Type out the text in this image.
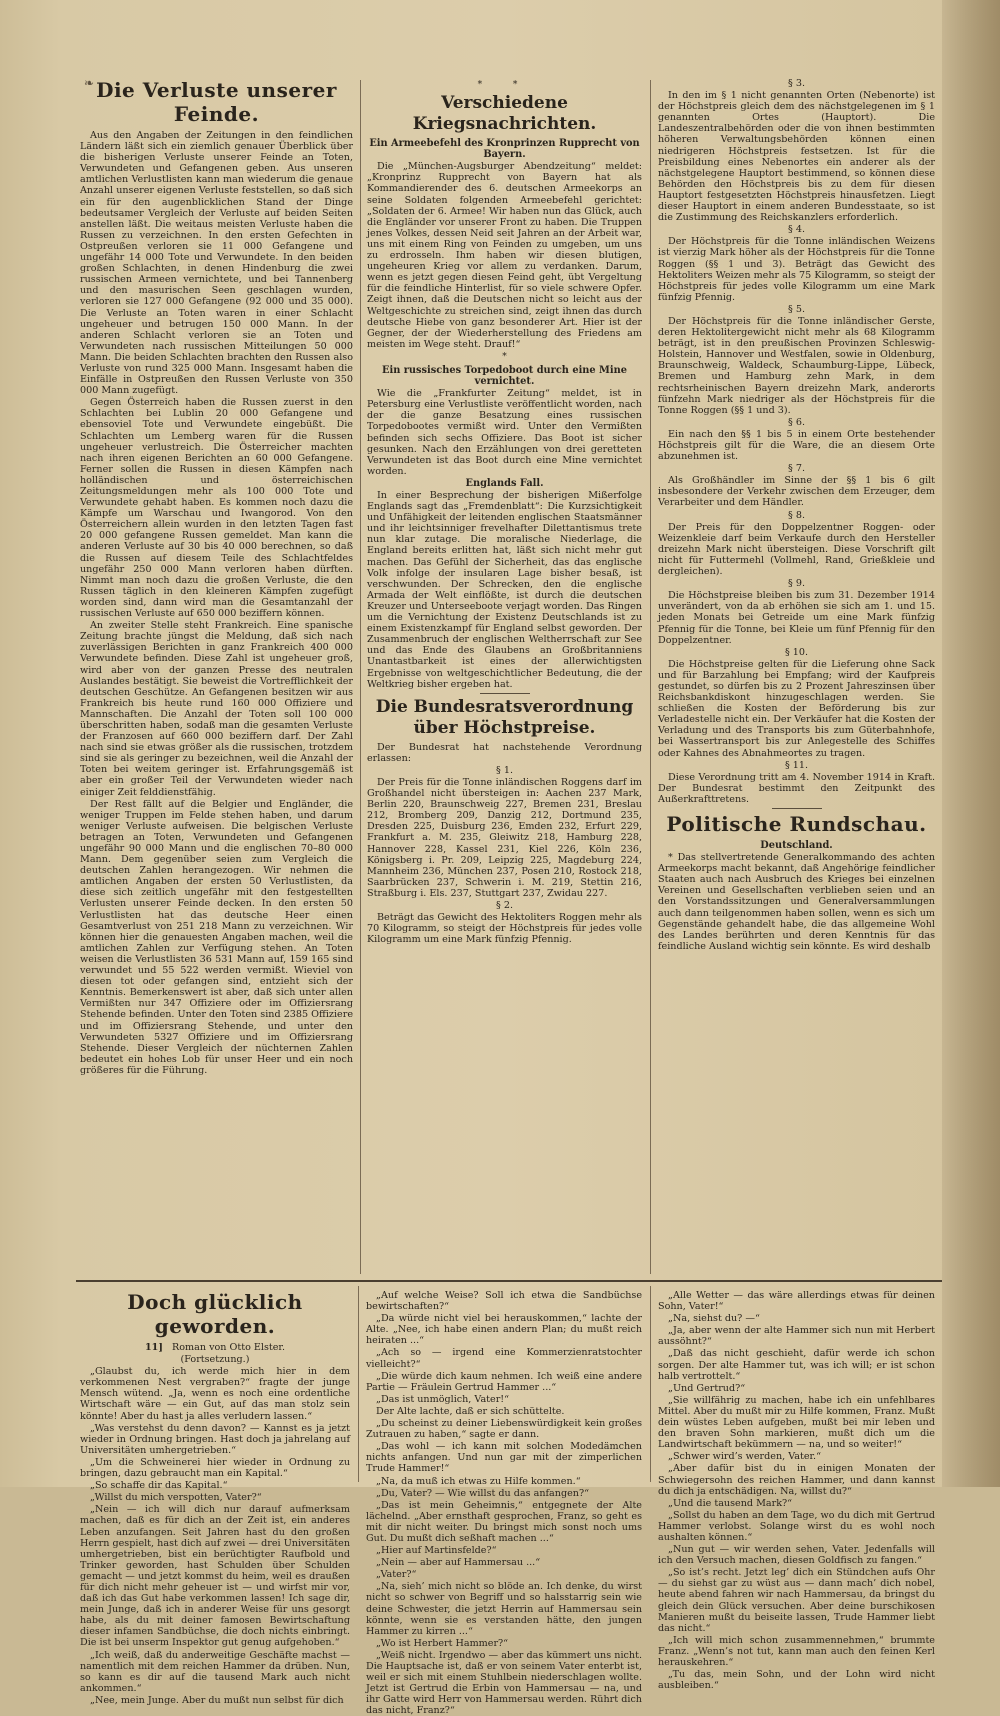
❧ Die Verluste unserer Feinde.

Aus den Angaben der Zeitungen in den feindlichen Ländern läßt sich ein ziemlich genauer Überblick über die bisherigen Verluste unserer Feinde an Toten, Verwundeten und Gefangenen geben. Aus unseren amtlichen Verlustlisten kann man wiederum die genaue Anzahl unserer eigenen Verluste feststellen, so daß sich ein für den augenblicklichen Stand der Dinge bedeutsamer Vergleich der Verluste auf beiden Seiten anstellen läßt. Die weitaus meisten Verluste haben die Russen zu verzeichnen. In den ersten Gefechten in Ostpreußen verloren sie 11 000 Gefangene und ungefähr 14 000 Tote und Verwundete. In den beiden großen Schlachten, in denen Hindenburg die zwei russischen Armeen vernichtete, und bei Tannenberg und den masurischen Seen geschlagen wurden, verloren sie 127 000 Gefangene (92 000 und 35 000). Die Verluste an Toten waren in einer Schlacht ungeheuer und betrugen 150 000 Mann. In der anderen Schlacht verloren sie an Toten und Verwundeten nach russischen Mitteilungen 50 000 Mann. Die beiden Schlachten brachten den Russen also Verluste von rund 325 000 Mann. Insgesamt haben die Einfälle in Ostpreußen den Russen Verluste von 350 000 Mann zugefügt.

Gegen Österreich haben die Russen zuerst in den Schlachten bei Lublin 20 000 Gefangene und ebensoviel Tote und Verwundete eingebüßt. Die Schlachten um Lemberg waren für die Russen ungeheuer verlustreich. Die Österreicher machten nach ihren eigenen Berichten an 60 000 Gefangene. Ferner sollen die Russen in diesen Kämpfen nach holländischen und österreichischen Zeitungsmeldungen mehr als 100 000 Tote und Verwundete gehabt haben. Es kommen noch dazu die Kämpfe um Warschau und Iwangorod. Von den Österreichern allein wurden in den letzten Tagen fast 20 000 gefangene Russen gemeldet. Man kann die anderen Verluste auf 30 bis 40 000 berechnen, so daß die Russen auf diesem Teile des Schlachtfeldes ungefähr 250 000 Mann verloren haben dürften. Nimmt man noch dazu die großen Verluste, die den Russen täglich in den kleineren Kämpfen zugefügt worden sind, dann wird man die Gesamtanzahl der russischen Verluste auf 650 000 beziffern können.

An zweiter Stelle steht Frankreich. Eine spanische Zeitung brachte jüngst die Meldung, daß sich nach zuverlässigen Berichten in ganz Frankreich 400 000 Verwundete befinden. Diese Zahl ist ungeheuer groß, wird aber von der ganzen Presse des neutralen Auslandes bestätigt. Sie beweist die Vortrefflichkeit der deutschen Geschütze. An Gefangenen besitzen wir aus Frankreich bis heute rund 160 000 Offiziere und Mannschaften. Die Anzahl der Toten soll 100 000 überschritten haben, sodaß man die gesamten Verluste der Franzosen auf 660 000 beziffern darf. Der Zahl nach sind sie etwas größer als die russischen, trotzdem sind sie als geringer zu bezeichnen, weil die Anzahl der Toten bei weitem geringer ist. Erfahrungsgemäß ist aber ein großer Teil der Verwundeten wieder nach einiger Zeit felddienstfähig.

Der Rest fällt auf die Belgier und Engländer, die weniger Truppen im Felde stehen haben, und darum weniger Verluste aufweisen. Die belgischen Verluste betragen an Toten, Verwundeten und Gefangenen ungefähr 90 000 Mann und die englischen 70–80 000 Mann. Dem gegenüber seien zum Vergleich die deutschen Zahlen herangezogen. Wir nehmen die amtlichen Angaben der ersten 50 Verlustlisten, da diese sich zeitlich ungefähr mit den festgestellten Verlusten unserer Feinde decken. In den ersten 50 Verlustlisten hat das deutsche Heer einen Gesamtverlust von 251 218 Mann zu verzeichnen. Wir können hier die genauesten Angaben machen, weil die amtlichen Zahlen zur Verfügung stehen. An Toten weisen die Verlustlisten 36 531 Mann auf, 159 165 sind verwundet und 55 522 werden vermißt. Wieviel von diesen tot oder gefangen sind, entzieht sich der Kenntnis. Bemerkenswert ist aber, daß sich unter allen Vermißten nur 347 Offiziere oder im Offiziersrang Stehende befinden. Unter den Toten sind 2385 Offiziere und im Offiziersrang Stehende, und unter den Verwundeten 5327 Offiziere und im Offiziersrang Stehende. Dieser Vergleich der nüchternen Zahlen bedeutet ein hohes Lob für unser Heer und ein noch größeres für die Führung.

* *
Verschiedene Kriegsnachrichten.

Ein Armeebefehl des Kronprinzen Rupprecht von Bayern.

Die „München-Augsburger Abendzeitung“ meldet: „Kronprinz Rupprecht von Bayern hat als Kommandierender des 6. deutschen Armeekorps an seine Soldaten folgenden Armeebefehl gerichtet: „Soldaten der 6. Armee! Wir haben nun das Glück, auch die Engländer vor unserer Front zu haben. Die Truppen jenes Volkes, dessen Neid seit Jahren an der Arbeit war, uns mit einem Ring von Feinden zu umgeben, um uns zu erdrosseln. Ihm haben wir diesen blutigen, ungeheuren Krieg vor allem zu verdanken. Darum, wenn es jetzt gegen diesen Feind geht, übt Vergeltung für die feindliche Hinterlist, für so viele schwere Opfer. Zeigt ihnen, daß die Deutschen nicht so leicht aus der Weltgeschichte zu streichen sind, zeigt ihnen das durch deutsche Hiebe von ganz besonderer Art. Hier ist der Gegner, der der Wiederherstellung des Friedens am meisten im Wege steht. Drauf!“

*

Ein russisches Torpedoboot durch eine Mine vernichtet.

Wie die „Frankfurter Zeitung“ meldet, ist in Petersburg eine Verlustliste veröffentlicht worden, nach der die ganze Besatzung eines russischen Torpedobootes vermißt wird. Unter den Vermißten befinden sich sechs Offiziere. Das Boot ist sicher gesunken. Nach den Erzählungen von drei geretteten Verwundeten ist das Boot durch eine Mine vernichtet worden.

Englands Fall.

In einer Besprechung der bisherigen Mißerfolge Englands sagt das „Fremdenblatt“: Die Kurzsichtigkeit und Unfähigkeit der leitenden englischen Staatsmänner und ihr leichtsinniger frevelhafter Dilettantismus trete nun klar zutage. Die moralische Niederlage, die England bereits erlitten hat, läßt sich nicht mehr gut machen. Das Gefühl der Sicherheit, das das englische Volk infolge der insularen Lage bisher besaß, ist verschwunden. Der Schrecken, den die englische Armada der Welt einflößte, ist durch die deutschen Kreuzer und Unterseeboote verjagt worden. Das Ringen um die Vernichtung der Existenz Deutschlands ist zu einem Existenzkampf für England selbst geworden. Der Zusammenbruch der englischen Weltherrschaft zur See und das Ende des Glaubens an Großbritanniens Unantastbarkeit ist eines der allerwichtigsten Ergebnisse von weltgeschichtlicher Bedeutung, die der Weltkrieg bisher ergeben hat.

Die Bundesratsverordnung über Höchstpreise.

Der Bundesrat hat nachstehende Verordnung erlassen:

§ 1.

Der Preis für die Tonne inländischen Roggens darf im Großhandel nicht übersteigen in: Aachen 237 Mark, Berlin 220, Braunschweig 227, Bremen 231, Breslau 212, Bromberg 209, Danzig 212, Dortmund 235, Dresden 225, Duisburg 236, Emden 232, Erfurt 229, Frankfurt a. M. 235, Gleiwitz 218, Hamburg 228, Hannover 228, Kassel 231, Kiel 226, Köln 236, Königsberg i. Pr. 209, Leipzig 225, Magdeburg 224, Mannheim 236, München 237, Posen 210, Rostock 218, Saarbrücken 237, Schwerin i. M. 219, Stettin 216, Straßburg i. Els. 237, Stuttgart 237, Zwidau 227.

§ 2.

Beträgt das Gewicht des Hektoliters Roggen mehr als 70 Kilogramm, so steigt der Höchstpreis für jedes volle Kilogramm um eine Mark fünfzig Pfennig.

§ 3.

In den im § 1 nicht genannten Orten (Nebenorte) ist der Höchstpreis gleich dem des nächstgelegenen im § 1 genannten Ortes (Hauptort). Die Landeszentralbehörden oder die von ihnen bestimmten höheren Verwaltungsbehörden können einen niedrigeren Höchstpreis festsetzen. Ist für die Preisbildung eines Nebenortes ein anderer als der nächstgelegene Hauptort bestimmend, so können diese Behörden den Höchstpreis bis zu dem für diesen Hauptort festgesetzten Höchstpreis hinausfetzen. Liegt dieser Hauptort in einem anderen Bundesstaate, so ist die Zustimmung des Reichskanzlers erforderlich.

§ 4.

Der Höchstpreis für die Tonne inländischen Weizens ist vierzig Mark höher als der Höchstpreis für die Tonne Roggen (§§ 1 und 3). Beträgt das Gewicht des Hektoliters Weizen mehr als 75 Kilogramm, so steigt der Höchstpreis für jedes volle Kilogramm um eine Mark fünfzig Pfennig.

§ 5.

Der Höchstpreis für die Tonne inländischer Gerste, deren Hektolitergewicht nicht mehr als 68 Kilogramm beträgt, ist in den preußischen Provinzen Schleswig-Holstein, Hannover und Westfalen, sowie in Oldenburg, Braunschweig, Waldeck, Schaumburg-Lippe, Lübeck, Bremen und Hamburg zehn Mark, in dem rechtsrheinischen Bayern dreizehn Mark, anderorts fünfzehn Mark niedriger als der Höchstpreis für die Tonne Roggen (§§ 1 und 3).

§ 6.

Ein nach den §§ 1 bis 5 in einem Orte bestehender Höchstpreis gilt für die Ware, die an diesem Orte abzunehmen ist.

§ 7.

Als Großhändler im Sinne der §§ 1 bis 6 gilt insbesondere der Verkehr zwischen dem Erzeuger, dem Verarbeiter und dem Händler.

§ 8.

Der Preis für den Doppelzentner Roggen- oder Weizenkleie darf beim Verkaufe durch den Hersteller dreizehn Mark nicht übersteigen. Diese Vorschrift gilt nicht für Futtermehl (Vollmehl, Rand, Grießkleie und dergleichen).

§ 9.

Die Höchstpreise bleiben bis zum 31. Dezember 1914 unverändert, von da ab erhöhen sie sich am 1. und 15. jeden Monats bei Getreide um eine Mark fünfzig Pfennig für die Tonne, bei Kleie um fünf Pfennig für den Doppelzentner.

§ 10.

Die Höchstpreise gelten für die Lieferung ohne Sack und für Barzahlung bei Empfang; wird der Kaufpreis gestundet, so dürfen bis zu 2 Prozent Jahreszinsen über Reichsbankdiskont hinzugeschlagen werden. Sie schließen die Kosten der Beförderung bis zur Verladestelle nicht ein. Der Verkäufer hat die Kosten der Verladung und des Transports bis zum Güterbahnhofe, bei Wassertransport bis zur Anlegestelle des Schiffes oder Kahnes des Abnahmeortes zu tragen.

§ 11.

Diese Verordnung tritt am 4. November 1914 in Kraft. Der Bundesrat bestimmt den Zeitpunkt des Außerkrafttretens.

Politische Rundschau.

Deutschland.

* Das stellvertretende Generalkommando des achten Armeekorps macht bekannt, daß Angehörige feindlicher Staaten auch nach Ausbruch des Krieges bei einzelnen Vereinen und Gesellschaften verblieben seien und an den Vorstandssitzungen und Generalversammlungen auch dann teilgenommen haben sollen, wenn es sich um Gegenstände gehandelt habe, die das allgemeine Wohl des Landes berührten und deren Kenntnis für das feindliche Ausland wichtig sein könnte. Es wird deshalb

Doch glücklich geworden.

11] Roman von Otto Elster.

(Fortsetzung.)

„Glaubst du, ich werde mich hier in dem verkommenen Nest vergraben?“ fragte der junge Mensch wütend. „Ja, wenn es noch eine ordentliche Wirtschaft wäre — ein Gut, auf das man stolz sein könnte! Aber du hast ja alles verludern lassen.“

„Was verstehst du denn davon? — Kannst es ja jetzt wieder in Ordnung bringen. Hast doch ja jahrelang auf Universitäten umhergetrieben.“

„Um die Schweinerei hier wieder in Ordnung zu bringen, dazu gebraucht man ein Kapital.“

„So schaffe dir das Kapital.“

„Willst du mich verspotten, Vater?“

„Nein — ich will dich nur darauf aufmerksam machen, daß es für dich an der Zeit ist, ein anderes Leben anzufangen. Seit Jahren hast du den großen Herrn gespielt, hast dich auf zwei — drei Universitäten umhergetrieben, bist ein berüchtigter Raufbold und Trinker geworden, hast Schulden über Schulden gemacht — und jetzt kommst du heim, weil es draußen für dich nicht mehr geheuer ist — und wirfst mir vor, daß ich das Gut habe verkommen lassen! Ich sage dir, mein Junge, daß ich in anderer Weise für uns gesorgt habe, als du mit deiner famosen Bewirtschaftung dieser infamen Sandbüchse, die doch nichts einbringt. Die ist bei unserm Inspektor gut genug aufgehoben.“

„Ich weiß, daß du anderweitige Geschäfte machst — namentlich mit dem reichen Hammer da drüben. Nun, so kann es dir auf die tausend Mark auch nicht ankommen.“

„Nee, mein Junge. Aber du mußt nun selbst für dich

„Auf welche Weise? Soll ich etwa die Sandbüchse bewirtschaften?“

„Da würde nicht viel bei herauskommen,“ lachte der Alte. „Nee, ich habe einen andern Plan; du mußt reich heiraten ...“

„Ach so — irgend eine Kommerzienratstochter vielleicht?“

„Die würde dich kaum nehmen. Ich weiß eine andere Partie — Fräulein Gertrud Hammer ...“

„Das ist unmöglich, Vater!“

Der Alte lachte, daß er sich schüttelte.

„Du scheinst zu deiner Liebenswürdigkeit kein großes Zutrauen zu haben,“ sagte er dann.

„Das wohl — ich kann mit solchen Modedämchen nichts anfangen. Und nun gar mit der zimperlichen Trude Hammer!“

„Na, da muß ich etwas zu Hilfe kommen.“

„Du, Vater? — Wie willst du das anfangen?“

„Das ist mein Geheimnis,“ entgegnete der Alte lächelnd. „Aber ernsthaft gesprochen, Franz, so geht es mit dir nicht weiter. Du bringst mich sonst noch ums Gut. Du mußt dich seßhaft machen ...“

„Hier auf Martinsfelde?“

„Nein — aber auf Hammersau ...“

„Vater?“

„Na, sieh’ mich nicht so blöde an. Ich denke, du wirst nicht so schwer von Begriff und so halsstarrig sein wie deine Schwester, die jetzt Herrin auf Hammersau sein könnte, wenn sie es verstanden hätte, den jungen Hammer zu kirren ...“

„Wo ist Herbert Hammer?“

„Weiß nicht. Irgendwo — aber das kümmert uns nicht. Die Hauptsache ist, daß er von seinem Vater enterbt ist, weil er sich mit einem Stuhlbein niederschlagen wollte. Jetzt ist Gertrud die Erbin von Hammersau — na, und ihr Gatte wird Herr von Hammersau werden. Rührt dich das nicht, Franz?“

„Alle Wetter — das wäre allerdings etwas für deinen Sohn, Vater!“

„Na, siehst du? —“

„Ja, aber wenn der alte Hammer sich nun mit Herbert aussöhnt?“

„Daß das nicht geschieht, dafür werde ich schon sorgen. Der alte Hammer tut, was ich will; er ist schon halb vertrottelt.“

„Und Gertrud?“

„Sie willfährig zu machen, habe ich ein unfehlbares Mittel. Aber du mußt mir zu Hilfe kommen, Franz. Mußt dein wüstes Leben aufgeben, mußt bei mir leben und den braven Sohn markieren, mußt dich um die Landwirtschaft bekümmern — na, und so weiter!“

„Schwer wird’s werden, Vater.“

„Aber dafür bist du in einigen Monaten der Schwiegersohn des reichen Hammer, und dann kannst du dich ja entschädigen. Na, willst du?“

„Und die tausend Mark?“

„Sollst du haben an dem Tage, wo du dich mit Gertrud Hammer verlobst. Solange wirst du es wohl noch aushalten können.“

„Nun gut — wir werden sehen, Vater. Jedenfalls will ich den Versuch machen, diesen Goldfisch zu fangen.“

„So ist’s recht. Jetzt leg’ dich ein Stündchen aufs Ohr — du siehst gar zu wüst aus — dann mach’ dich nobel, heute abend fahren wir nach Hammersau, da bringst du gleich dein Glück versuchen. Aber deine burschikosen Manieren mußt du beiseite lassen, Trude Hammer liebt das nicht.“

„Ich will mich schon zusammennehmen,“ brummte Franz. „Wenn’s not tut, kann man auch den feinen Kerl herauskehren.“

„Tu das, mein Sohn, und der Lohn wird nicht ausbleiben.“
